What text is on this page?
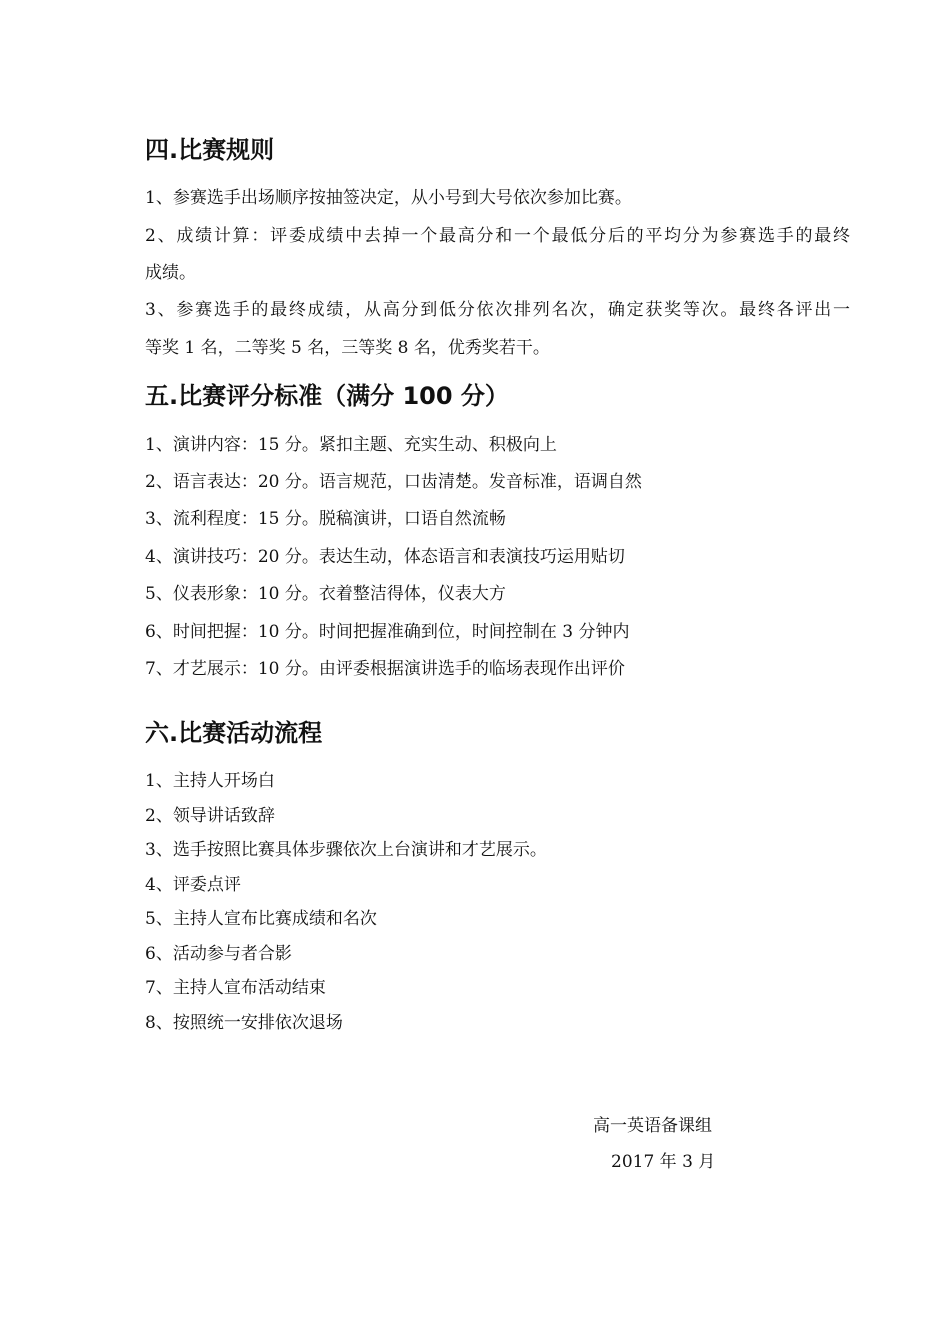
四.比赛规则

1、参赛选手出场顺序按抽签决定，从小号到大号依次参加比赛。

2、成绩计算：评委成绩中去掉一个最高分和一个最低分后的平均分为参赛选手的最终

成绩。

3、参赛选手的最终成绩，从高分到低分依次排列名次，确定获奖等次。最终各评出一

等奖 1 名，二等奖 5 名，三等奖 8 名，优秀奖若干。

五.比赛评分标准（满分 100 分）

1、演讲内容：15 分。紧扣主题、充实生动、积极向上

2、语言表达：20 分。语言规范，口齿清楚。发音标准，语调自然

3、流利程度：15 分。脱稿演讲，口语自然流畅

4、演讲技巧：20 分。表达生动，体态语言和表演技巧运用贴切

5、仪表形象：10 分。衣着整洁得体，仪表大方

6、时间把握：10 分。时间把握准确到位，时间控制在 3 分钟内

7、才艺展示：10 分。由评委根据演讲选手的临场表现作出评价

六.比赛活动流程

1、主持人开场白

2、领导讲话致辞

3、选手按照比赛具体步骤依次上台演讲和才艺展示。

4、评委点评

5、主持人宣布比赛成绩和名次

6、活动参与者合影

7、主持人宣布活动结束

8、按照统一安排依次退场

高一英语备课组

2017 年 3 月
